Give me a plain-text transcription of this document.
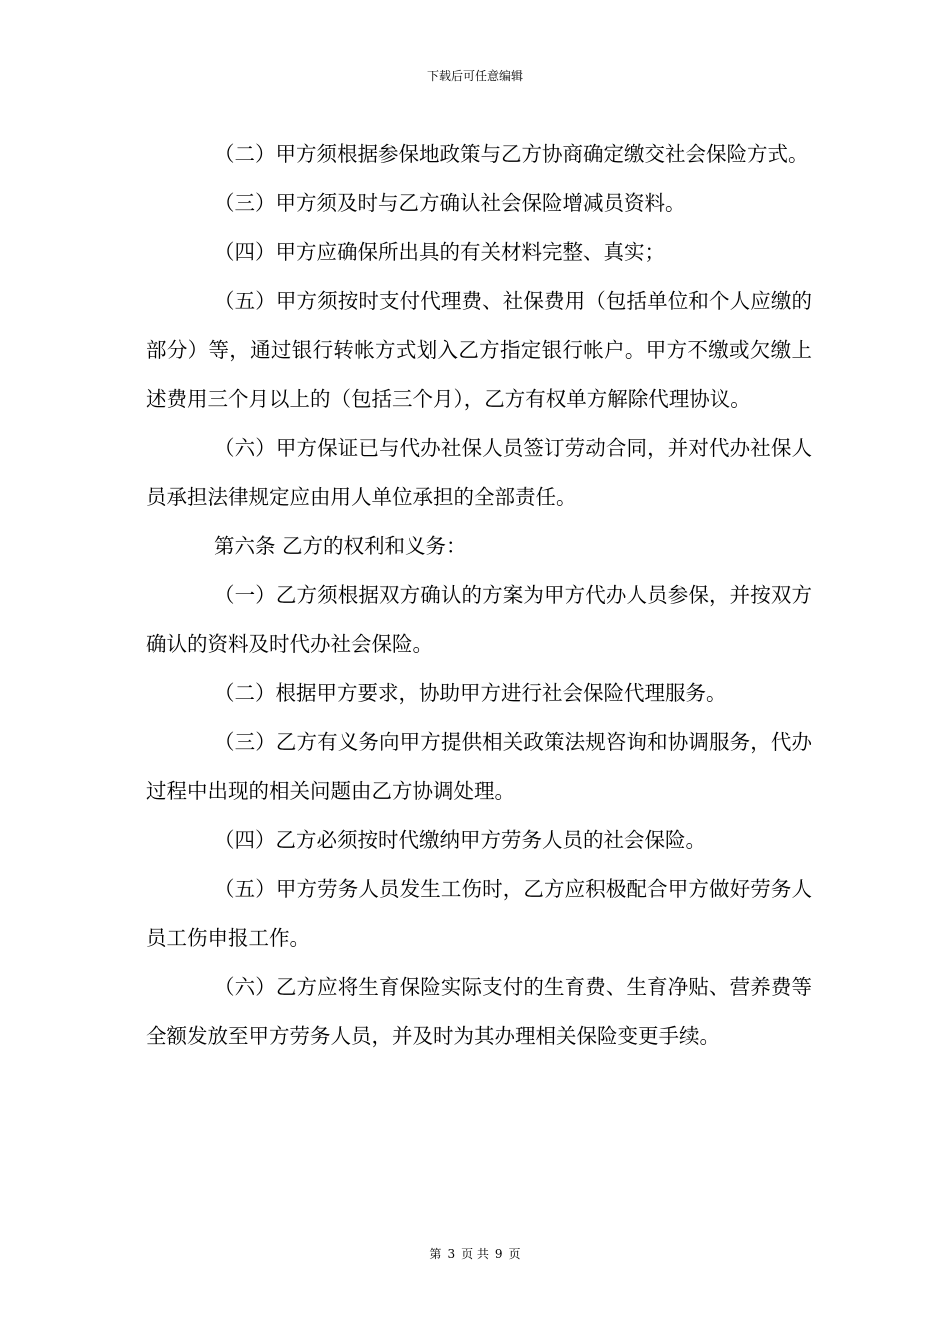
下载后可任意编辑

（二）甲方须根据参保地政策与乙方协商确定缴交社会保险方式。

（三）甲方须及时与乙方确认社会保险增减员资料。

（四）甲方应确保所出具的有关材料完整、真实；

（五）甲方须按时支付代理费、社保费用（包括单位和个人应缴的部分）等，通过银行转帐方式划入乙方指定银行帐户。甲方不缴或欠缴上述费用三个月以上的（包括三个月），乙方有权单方解除代理协议。

（六）甲方保证已与代办社保人员签订劳动合同，并对代办社保人员承担法律规定应由用人单位承担的全部责任。

第六条 乙方的权利和义务：

（一）乙方须根据双方确认的方案为甲方代办人员参保，并按双方确认的资料及时代办社会保险。

（二）根据甲方要求，协助甲方进行社会保险代理服务。

（三）乙方有义务向甲方提供相关政策法规咨询和协调服务，代办过程中出现的相关问题由乙方协调处理。

（四）乙方必须按时代缴纳甲方劳务人员的社会保险。

（五）甲方劳务人员发生工伤时，乙方应积极配合甲方做好劳务人员工伤申报工作。

（六）乙方应将生育保险实际支付的生育费、生育净贴、营养费等全额发放至甲方劳务人员，并及时为其办理相关保险变更手续。

第 3 页 共 9 页
